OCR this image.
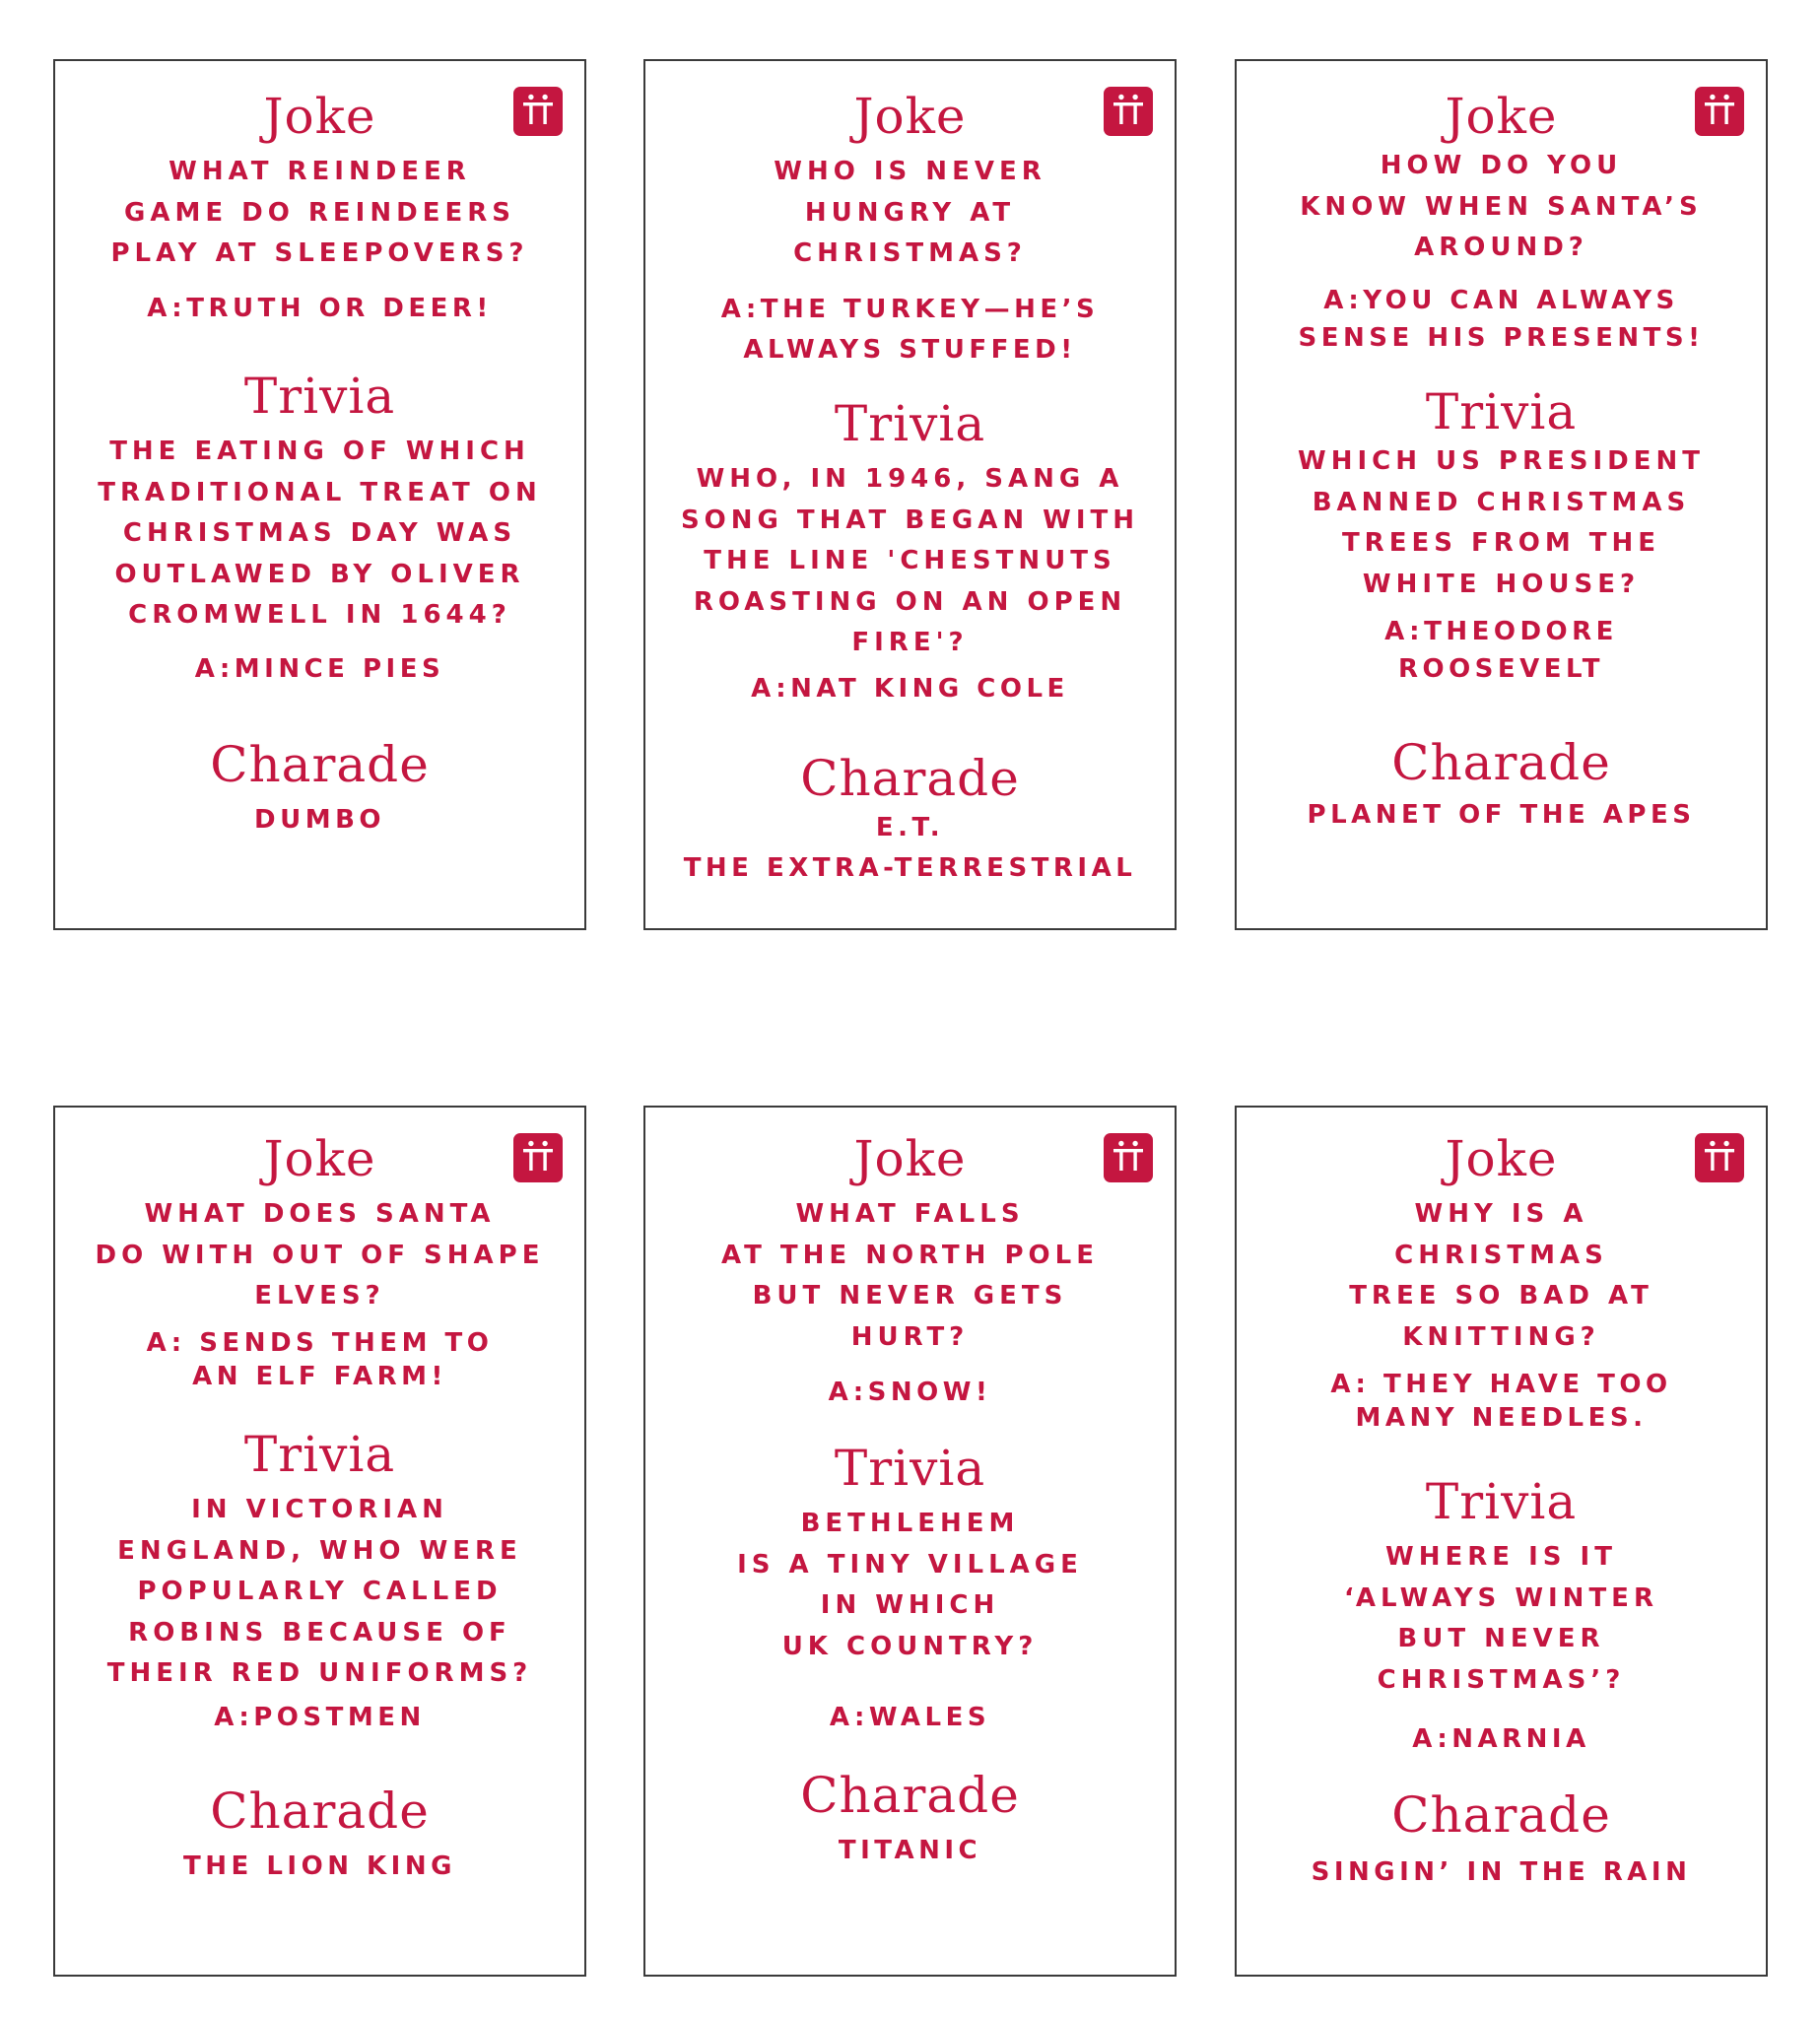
Joke
WHAT REINDEER
GAME DO REINDEERS
PLAY AT SLEEPOVERS?
A:TRUTH OR DEER!
Trivia
THE EATING OF WHICH
TRADITIONAL TREAT ON
CHRISTMAS DAY WAS
OUTLAWED BY OLIVER
CROMWELL IN 1644?
A:MINCE PIES
Charade
DUMBO
Joke
WHO IS NEVER
HUNGRY AT
CHRISTMAS?
A:THE TURKEY—HE’S
ALWAYS STUFFED!
Trivia
WHO, IN 1946, SANG A
SONG THAT BEGAN WITH
THE LINE 'CHESTNUTS
ROASTING ON AN OPEN
FIRE'?
A:NAT KING COLE
Charade
E.T.
THE EXTRA-TERRESTRIAL
Joke
HOW DO YOU
KNOW WHEN SANTA’S
AROUND?
A:YOU CAN ALWAYS
SENSE HIS PRESENTS!
Trivia
WHICH US PRESIDENT
BANNED CHRISTMAS
TREES FROM THE
WHITE HOUSE?
A:THEODORE
ROOSEVELT
Charade
PLANET OF THE APES
Joke
WHAT DOES SANTA
DO WITH OUT OF SHAPE
ELVES?
A: SENDS THEM TO
AN ELF FARM!
Trivia
IN VICTORIAN
ENGLAND, WHO WERE
POPULARLY CALLED
ROBINS BECAUSE OF
THEIR RED UNIFORMS?
A:POSTMEN
Charade
THE LION KING
Joke
WHAT FALLS
AT THE NORTH POLE
BUT NEVER GETS
HURT?
A:SNOW!
Trivia
BETHLEHEM
IS A TINY VILLAGE
IN WHICH
UK COUNTRY?
A:WALES
Charade
TITANIC
Joke
WHY IS A
CHRISTMAS
TREE SO BAD AT
KNITTING?
A: THEY HAVE TOO
MANY NEEDLES.
Trivia
WHERE IS IT
‘ALWAYS WINTER
BUT NEVER
CHRISTMAS’?
A:NARNIA
Charade
SINGIN’ IN THE RAIN
